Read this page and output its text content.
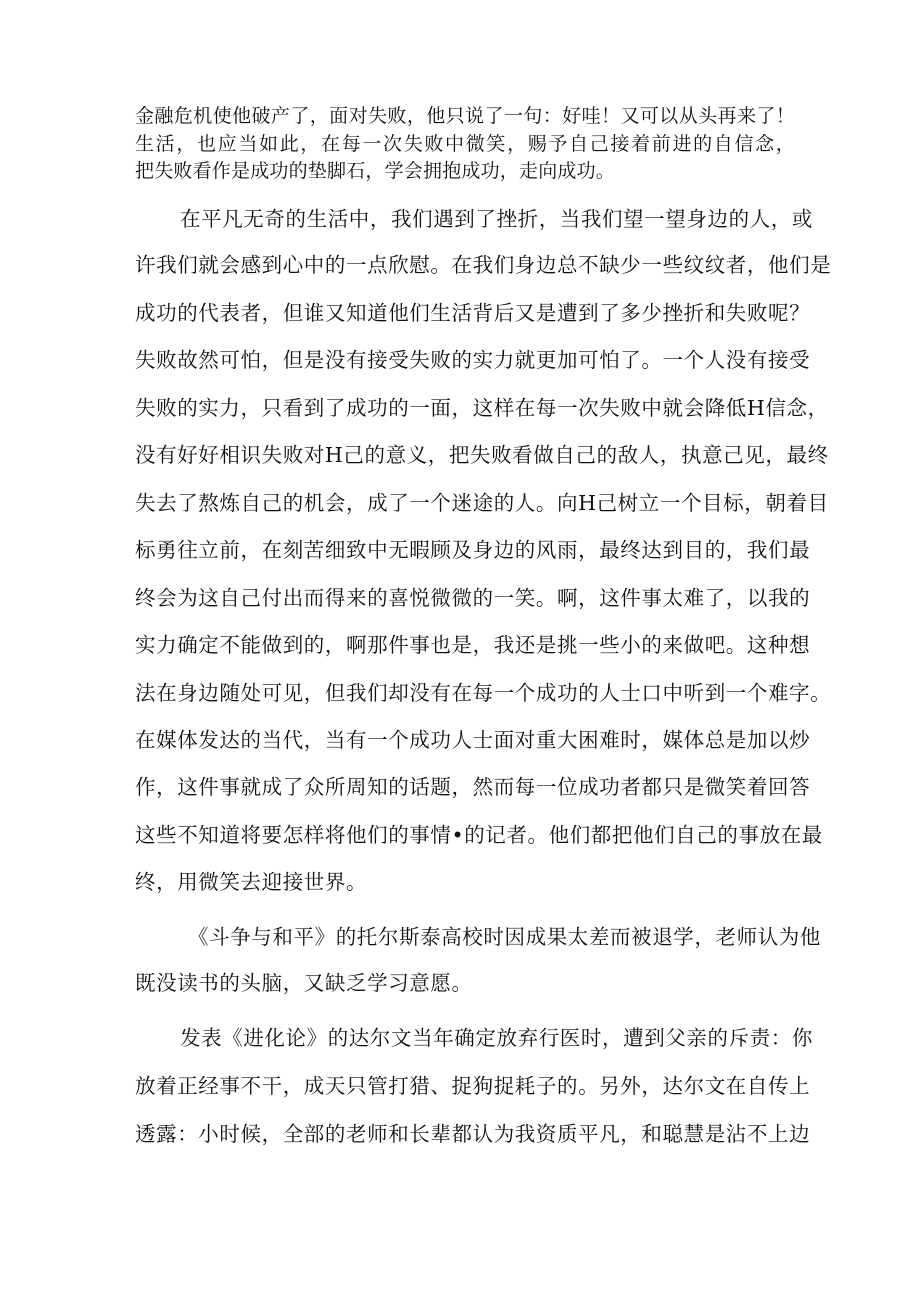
金融危机使他破产了，面对失败，他只说了一句：好哇！又可以从头再来了！
生活，也应当如此，在每一次失败中微笑，赐予自己接着前进的自信念，
把失败看作是成功的垫脚石，学会拥抱成功，走向成功。
在平凡无奇的生活中，我们遇到了挫折，当我们望一望身边的人，或
许我们就会感到心中的一点欣慰。在我们身边总不缺少一些纹纹者，他们是
成功的代表者，但谁又知道他们生活背后又是遭到了多少挫折和失败呢？
失败故然可怕，但是没有接受失败的实力就更加可怕了。一个人没有接受
失败的实力，只看到了成功的一面，这样在每一次失败中就会降低H信念，
没有好好相识失败对H己的意义，把失败看做自己的敌人，执意己见，最终
失去了熬炼自己的机会，成了一个迷途的人。向H己树立一个目标，朝着目
标勇往立前，在刻苦细致中无暇顾及身边的风雨，最终达到目的，我们最
终会为这自己付出而得来的喜悦微微的一笑。啊，这件事太难了，以我的
实力确定不能做到的，啊那件事也是，我还是挑一些小的来做吧。这种想
法在身边随处可见，但我们却没有在每一个成功的人士口中听到一个难字。
在媒体发达的当代，当有一个成功人士面对重大困难时，媒体总是加以炒
作，这件事就成了众所周知的话题，然而每一位成功者都只是微笑着回答
这些不知道将要怎样将他们的事情•的记者。他们都把他们自己的事放在最
终，用微笑去迎接世界。
《斗争与和平》的托尔斯泰高校时因成果太差而被退学，老师认为他
既没读书的头脑，又缺乏学习意愿。
发表《进化论》的达尔文当年确定放弃行医时，遭到父亲的斥责：你
放着正经事不干，成天只管打猎、捉狗捉耗子的。另外，达尔文在自传上
透露：小时候，全部的老师和长辈都认为我资质平凡，和聪慧是沾不上边
